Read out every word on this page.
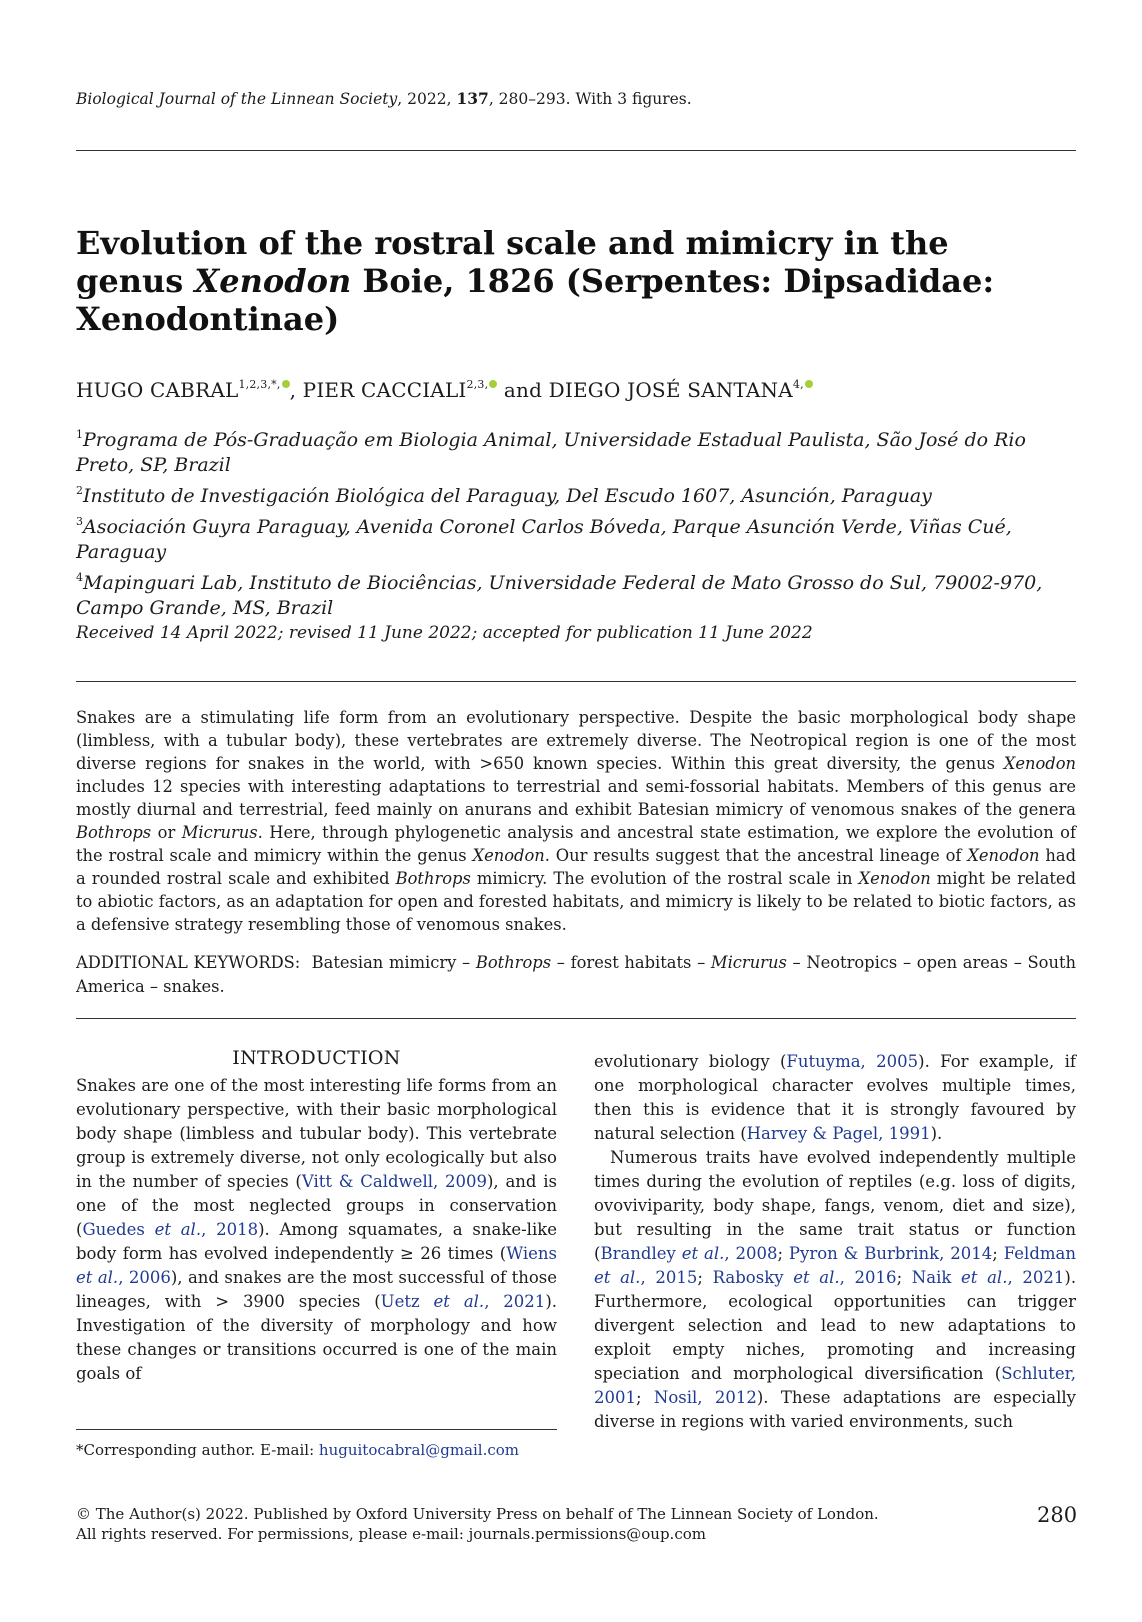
Biological Journal of the Linnean Society, 2022, 137, 280–293. With 3 figures.
Evolution of the rostral scale and mimicry in the
genus Xenodon Boie, 1826 (Serpentes: Dipsadidae:
Xenodontinae)
HUGO $CABRAL^{1,2,3,*,}$ , PIER $CACCIALI^{2,3,}$ and DIEGO JOSÉ $SANTANA^{4,}$

$^1$Programa de Pós-Graduação em Biologia Animal, Universidade Estadual Paulista, São José do Rio Preto, SP, Brazil

$^2$Instituto de Investigación Biológica del Paraguay, Del Escudo 1607, Asunción, Paraguay

$^3$Asociación Guyra Paraguay, Avenida Coronel Carlos Bóveda, Parque Asunción Verde, Viñas Cué, Paraguay

$^4$Mapinguari Lab, Instituto de Biociências, Universidade Federal de Mato Grosso do Sul, 79002-970, Campo Grande, MS, Brazil

Received 14 April 2022; revised 11 June 2022; accepted for publication 11 June 2022

Snakes are a stimulating life form from an evolutionary perspective. Despite the basic morphological body shape (limbless, with a tubular body), these vertebrates are extremely diverse. The Neotropical region is one of the most diverse regions for snakes in the world, with >650 known species. Within this great diversity, the genus Xenodon includes 12 species with interesting adaptations to terrestrial and semi-fossorial habitats. Members of this genus are mostly diurnal and terrestrial, feed mainly on anurans and exhibit Batesian mimicry of venomous snakes of the genera Bothrops or Micrurus. Here, through phylogenetic analysis and ancestral state estimation, we explore the evolution of the rostral scale and mimicry within the genus Xenodon. Our results suggest that the ancestral lineage of Xenodon had a rounded rostral scale and exhibited Bothrops mimicry. The evolution of the rostral scale in Xenodon might be related to abiotic factors, as an adaptation for open and forested habitats, and mimicry is likely to be related to biotic factors, as a defensive strategy resembling those of venomous snakes.

ADDITIONAL KEYWORDS:  Batesian mimicry – Bothrops – forest habitats – Micrurus – Neotropics – open areas – South America – snakes.

INTRODUCTION

Snakes are one of the most interesting life forms from an evolutionary perspective, with their basic morphological body shape (limbless and tubular body). This vertebrate group is extremely diverse, not only ecologically but also in the number of species (Vitt & Caldwell, 2009), and is one of the most neglected groups in conservation (Guedes et al., 2018). Among squamates, a snake-like body form has evolved independently ≥ 26 times (Wiens et al., 2006), and snakes are the most successful of those lineages, with > 3900 species (Uetz et al., 2021). Investigation of the diversity of morphology and how these changes or transitions occurred is one of the main goals of

evolutionary biology (Futuyma, 2005). For example, if one morphological character evolves multiple times, then this is evidence that it is strongly favoured by natural selection (Harvey & Pagel, 1991).

Numerous traits have evolved independently multiple times during the evolution of reptiles (e.g. loss of digits, ovoviviparity, body shape, fangs, venom, diet and size), but resulting in the same trait status or function (Brandley et al., 2008; Pyron & Burbrink, 2014; Feldman et al., 2015; Rabosky et al., 2016; Naik et al., 2021). Furthermore, ecological opportunities can trigger divergent selection and lead to new adaptations to exploit empty niches, promoting and increasing speciation and morphological diversification (Schluter, 2001; Nosil, 2012). These adaptations are especially diverse in regions with varied environments, such

*Corresponding author. E-mail: huguitocabral@gmail.com
© The Author(s) 2022. Published by Oxford University Press on behalf of The Linnean Society of London.
All rights reserved. For permissions, please e-mail: journals.permissions@oup.com
280
